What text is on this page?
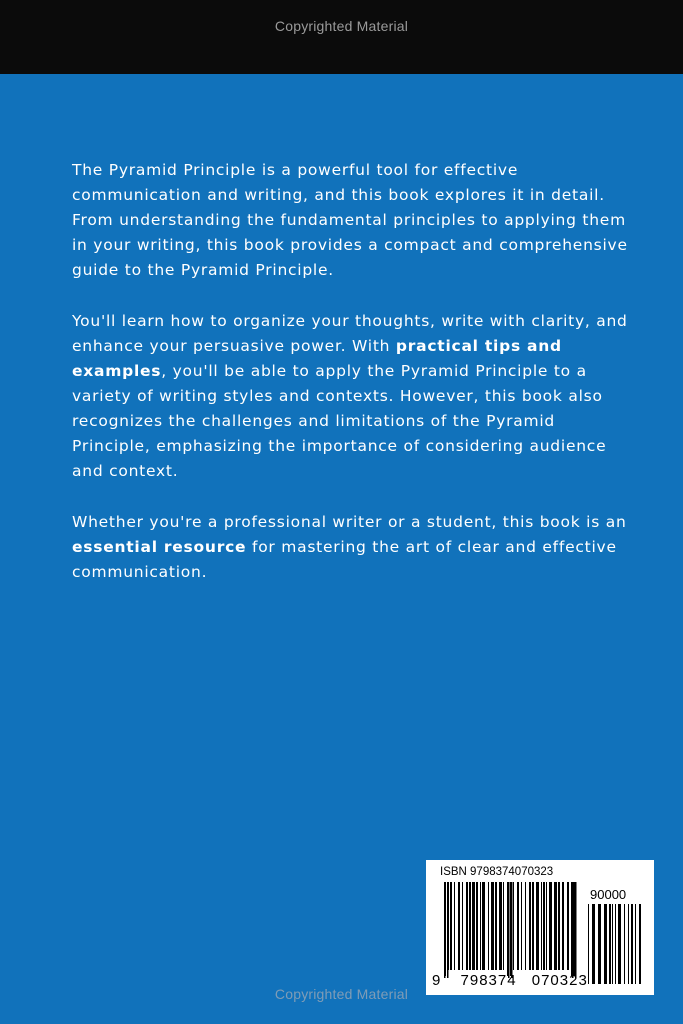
Copyrighted Material

The Pyramid Principle is a powerful tool for effective communication and writing, and this book explores it in detail. From understanding the fundamental principles to applying them in your writing, this book provides a compact and comprehensive guide to the Pyramid Principle.

You'll learn how to organize your thoughts, write with clarity, and enhance your persuasive power. With practical tips and examples, you'll be able to apply the Pyramid Principle to a variety of writing styles and contexts. However, this book also recognizes the challenges and limitations of the Pyramid Principle, emphasizing the importance of considering audience and context.

Whether you're a professional writer or a student, this book is an essential resource for mastering the art of clear and effective communication.

ISBN 9798374070323
90000
9 798374 070323
Copyrighted Material
